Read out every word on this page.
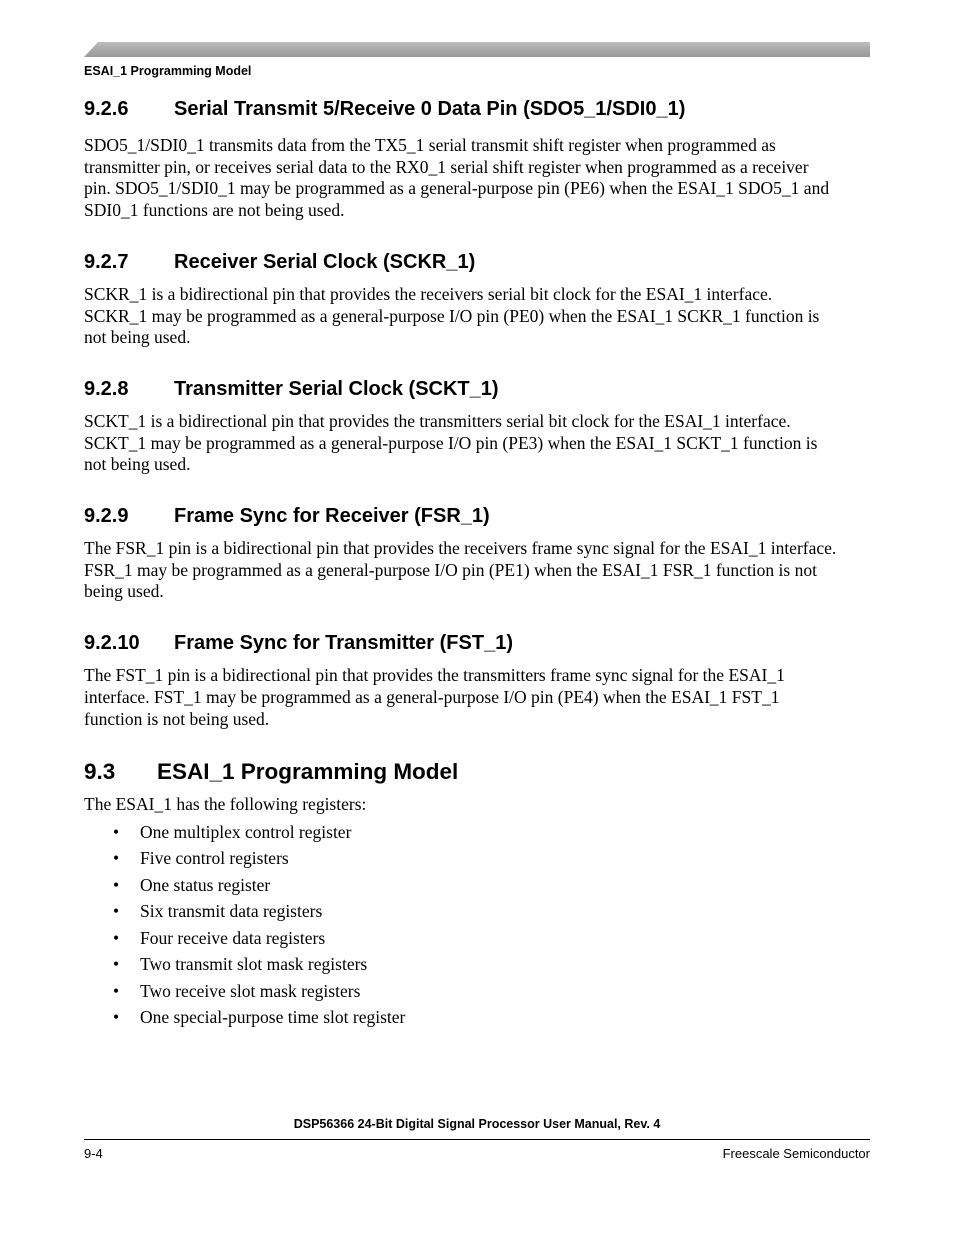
ESAI_1 Programming Model
9.2.6 Serial Transmit 5/Receive 0 Data Pin (SDO5_1/SDI0_1)

SDO5_1/SDI0_1 transmits data from the TX5_1 serial transmit shift register when programmed as
transmitter pin, or receives serial data to the RX0_1 serial shift register when programmed as a receiver
pin. SDO5_1/SDI0_1 may be programmed as a general-purpose pin (PE6) when the ESAI_1 SDO5_1 and
SDI0_1 functions are not being used.

9.2.7 Receiver Serial Clock (SCKR_1)

SCKR_1 is a bidirectional pin that provides the receivers serial bit clock for the ESAI_1 interface.
SCKR_1 may be programmed as a general-purpose I/O pin (PE0) when the ESAI_1 SCKR_1 function is
not being used.

9.2.8 Transmitter Serial Clock (SCKT_1)

SCKT_1 is a bidirectional pin that provides the transmitters serial bit clock for the ESAI_1 interface.
SCKT_1 may be programmed as a general-purpose I/O pin (PE3) when the ESAI_1 SCKT_1 function is
not being used.

9.2.9 Frame Sync for Receiver (FSR_1)

The FSR_1 pin is a bidirectional pin that provides the receivers frame sync signal for the ESAI_1 interface.
FSR_1 may be programmed as a general-purpose I/O pin (PE1) when the ESAI_1 FSR_1 function is not
being used.

9.2.10 Frame Sync for Transmitter (FST_1)

The FST_1 pin is a bidirectional pin that provides the transmitters frame sync signal for the ESAI_1
interface. FST_1 may be programmed as a general-purpose I/O pin (PE4) when the ESAI_1 FST_1
function is not being used.

9.3 ESAI_1 Programming Model

The ESAI_1 has the following registers:

• One multiplex control register
• Five control registers
• One status register
• Six transmit data registers
• Four receive data registers
• Two transmit slot mask registers
• Two receive slot mask registers
• One special-purpose time slot register
DSP56366 24-Bit Digital Signal Processor User Manual, Rev. 4
9-4	Freescale Semiconductor
